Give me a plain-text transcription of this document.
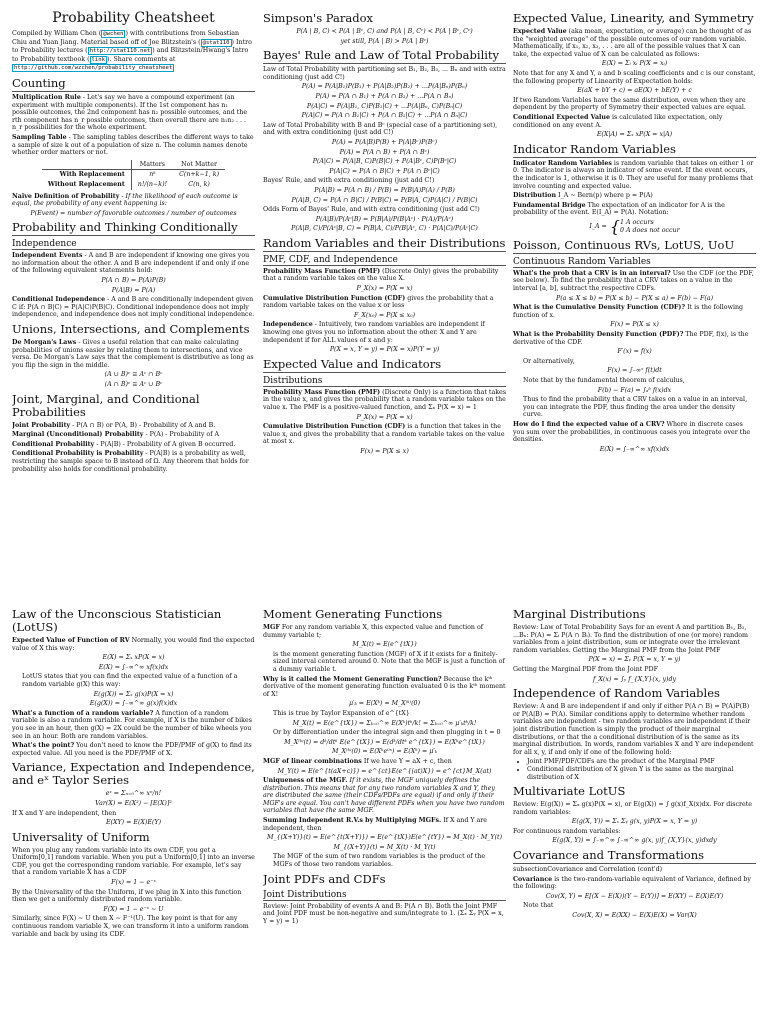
Probability Cheatsheet

Compiled by William Chen ( @wchen ) with contributions from Sebastian Chiu and Yuan Jiang. Material based off of Joe Blitzstein's ( @stat110 ) Intro to Probability lectures ( http://stat110.net ) and Blitzstein/Hwang's Intro to Probability textbook ( link ). Share comments at http://github.com/wzchen/probability_cheatsheet

Counting

Multiplication Rule - Let's say we have a compound experiment (an experiment with multiple components). If the 1st component has n₁ possible outcomes, the 2nd component has n₂ possible outcomes, and the rth component has n_r possible outcomes, then overall there are n₁n₂ . . . n_r possibilities for the whole experiment.

Sampling Table - The sampling tables describes the different ways to take a sample of size k out of a population of size n. The column names denote whether order matters or not.

	Matters	Not Matter
With Replacement	nᵏ	C(n+k−1, k)
Without Replacement	n!/(n−k)!	C(n, k)

Naïve Definition of Probability - If the likelihood of each outcome is equal, the probability of any event happening is:

P(Event) = number of favorable outcomes / number of outcomes
Probability and Thinking Conditionally
Independence

Independent Events - A and B are independent if knowing one gives you no information about the other. A and B are independent if and only if one of the following equivalent statements hold:

P(A ∩ B) = P(A)P(B)
P(A|B) = P(A)

Conditional Independence - A and B are conditionally independent given C if: P(A ∩ B|C) = P(A|C)P(B|C). Conditional independence does not imply independence, and independence does not imply conditional independence.

Unions, Intersections, and Complements

De Morgan's Laws - Gives a useful relation that can make calculating probabilities of unions easier by relating them to intersections, and vice versa. De Morgan's Law says that the complement is distributive as long as you flip the sign in the middle.

(A ∪ B)ᶜ ≡ Aᶜ ∩ Bᶜ
(A ∩ B)ᶜ ≡ Aᶜ ∪ Bᶜ
Joint, Marginal, and Conditional Probabilities

Joint Probability - P(A ∩ B) or P(A, B) - Probability of A and B.

Marginal (Unconditional) Probability - P(A) - Probability of A

Conditional Probability - P(A|B) - Probability of A given B occurred.

Conditional Probability is Probability - P(A|B) is a probability as well, restricting the sample space to B instead of Ω. Any theorem that holds for probability also holds for conditional probability.

Simpson's Paradox
P(A | B, C) < P(A | Bᶜ, C) and P(A | B, Cᶜ) < P(A | Bᶜ, Cᶜ)
yet still, P(A | B) > P(A | Bᶜ)
Bayes' Rule and Law of Total Probability

Law of Total Probability with partitioning set B₁, B₂, B₃, ... Bₙ and with extra conditioning (just add C!)

P(A) = P(A|B₁)P(B₁) + P(A|B₂)P(B₂) + ...P(A|Bₙ)P(Bₙ)
P(A) = P(A ∩ B₁) + P(A ∩ B₂) + ...P(A ∩ Bₙ)
P(A|C) = P(A|B₁, C)P(B₁|C) + ...P(A|Bₙ, C)P(Bₙ|C)
P(A|C) = P(A ∩ B₁|C) + P(A ∩ B₂|C) + ...P(A ∩ Bₙ|C)

Law of Total Probability with B and Bᶜ (special case of a partitioning set), and with extra conditioning (just add C!)

P(A) = P(A|B)P(B) + P(A|Bᶜ)P(Bᶜ)
P(A) = P(A ∩ B) + P(A ∩ Bᶜ)
P(A|C) = P(A|B, C)P(B|C) + P(A|Bᶜ, C)P(Bᶜ|C)
P(A|C) = P(A ∩ B|C) + P(A ∩ Bᶜ|C)

Bayes' Rule, and with extra conditioning (just add C!)

P(A|B) = P(A ∩ B) / P(B) = P(B|A)P(A) / P(B)
P(A|B, C) = P(A ∩ B|C) / P(B|C) = P(B|A, C)P(A|C) / P(B|C)

Odds Form of Bayes' Rule, and with extra conditioning (just add C!)

P(A|B)/P(Aᶜ|B) = P(B|A)/P(B|Aᶜ) · P(A)/P(Aᶜ)
P(A|B, C)/P(Aᶜ|B, C) = P(B|A, C)/P(B|Aᶜ, C) · P(A|C)/P(Aᶜ|C)
Random Variables and their Distributions
PMF, CDF, and Independence

Probability Mass Function (PMF) (Discrete Only) gives the probability that a random variable takes on the value X.

P_X(x) = P(X = x)

Cumulative Distribution Function (CDF) gives the probability that a random variable takes on the value x or less

F_X(x₀) = P(X ≤ x₀)

Independence - Intuitively, two random variables are independent if knowing one gives you no information about the other. X and Y are independent if for ALL values of x and y:

P(X = x, Y = y) = P(X = x)P(Y = y)
Expected Value and Indicators
Distributions

Probability Mass Function (PMF) (Discrete Only) is a function that takes in the value x, and gives the probability that a random variable takes on the value x. The PMF is a positive-valued function, and Σₓ P(X = x) = 1

P_X(x) = P(X = x)

Cumulative Distribution Function (CDF) is a function that takes in the value x, and gives the probability that a random variable takes on the value at most x.

F(x) = P(X ≤ x)
Expected Value, Linearity, and Symmetry

Expected Value (aka mean, expectation, or average) can be thought of as the "weighted average" of the possible outcomes of our random variable. Mathematically, if x₁, x₂, x₃, . . . are all of the possible values that X can take, the expected value of X can be calculated as follows:

E(X) = Σᵢ xᵢ P(X = xᵢ)

Note that for any X and Y, a and b scaling coefficients and c is our constant, the following property of Linearity of Expectation holds:

E(aX + bY + c) = aE(X) + bE(Y) + c

If two Random Variables have the same distribution, even when they are dependent by the property of Symmetry their expected values are equal.

Conditional Expected Value is calculated like expectation, only conditioned on any event A.

E(X|A) = Σₓ xP(X = x|A)
Indicator Random Variables

Indicator Random Variables is random variable that takes on either 1 or 0. The indicator is always an indicator of some event. If the event occurs, the indicator is 1, otherwise it is 0. They are useful for many problems that involve counting and expected value.

Distribution I_A ∼ Bern(p) where p = P(A)

Fundamental Bridge The expectation of an indicator for A is the probability of the event. E(I_A) = P(A). Notation:

I_A = { 1 A occurs
0 A does not occur
Poisson, Continuous RVs, LotUS, UoU
Continuous Random Variables

What's the prob that a CRV is in an interval? Use the CDF (or the PDF, see below). To find the probability that a CRV takes on a value in the interval [a, b], subtract the respective CDFs.

P(a ≤ X ≤ b) = P(X ≤ b) − P(X ≤ a) = F(b) − F(a)

What is the Cumulative Density Function (CDF)? It is the following function of x.

F(x) = P(X ≤ x)

What is the Probability Density Function (PDF)? The PDF, f(x), is the derivative of the CDF.

F′(x) = f(x)

Or alternatively,

F(x) = ∫₋∞ˣ f(t)dt

Note that by the fundamental theorem of calculus,

F(b) − F(a) = ∫ₐᵇ f(x)dx

Thus to find the probability that a CRV takes on a value in an interval, you can integrate the PDF, thus finding the area under the density curve.

How do I find the expected value of a CRV? Where in discrete cases you sum over the probabilities, in continuous cases you integrate over the densities.

E(X) = ∫₋∞^∞ xf(x)dx
Law of the Unconscious Statistician (LotUS)

Expected Value of Function of RV Normally, you would find the expected value of X this way:

E(X) = Σₓ xP(X = x)
E(X) = ∫₋∞^∞ xf(x)dx

LotUS states that you can find the expected value of a function of a random variable g(X) this way:

E(g(X)) = Σₓ g(x)P(X = x)
E(g(X)) = ∫₋∞^∞ g(x)f(x)dx

What's a function of a random variable? A function of a random variable is also a random variable. For example, if X is the number of bikes you see in an hour, then g(X) = 2X could be the number of bike wheels you see in an hour. Both are random variables.

What's the point? You don't need to know the PDF/PMF of g(X) to find its expected value. All you need is the PDF/PMF of X.

Variance, Expectation and Independence, and eˣ Taylor Series
eˣ = Σₙ₌₀^∞ xⁿ/n!
Var(X) = E(X²) − [E(X)]²

If X and Y are independent, then

E(XY) = E(X)E(Y)
Universality of Uniform

When you plug any random variable into its own CDF, you get a Uniform[0,1] random variable. When you put a Uniform[0,1] into an inverse CDF, you get the corresponding random variable. For example, let's say that a random variable X has a CDF

F(x) = 1 − e⁻ˣ

By the Universality of the the Uniform, if we plug in X into this function then we get a uniformly distributed random variable.

F(X) = 1 − e⁻ˣ ∼ U

Similarly, since F(X) ∼ U then X ∼ F⁻¹(U). The key point is that for any continuous random variable X, we can transform it into a uniform random variable and back by using its CDF.

Moment Generating Functions

MGF For any random variable X, this expected value and function of dummy variable t;

M_X(t) = E(e^{tX})

is the moment generating function (MGF) of X if it exists for a finitely-sized interval centered around 0. Note that the MGF is just a function of a dummy variable t.

Why is it called the Moment Generating Function? Because the kᵗʰ derivative of the moment generating function evaluated 0 is the kᵗʰ moment of X!

μ′ₖ = E(Xᵏ) = M_X⁽ᵏ⁾(0)

This is true by Taylor Expansion of e^{tX}

M_X(t) = E(e^{tX}) = Σₖ₌₀^∞ E(Xᵏ)tᵏ/k! = Σₖ₌₀^∞ μ′ₖtᵏ/k!

Or by differentiation under the integral sign and then plugging in t = 0

M_X⁽ᵏ⁾(t) = dᵏ/dtᵏ E(e^{tX}) = E(dᵏ/dtᵏ e^{tX}) = E(Xᵏe^{tX})
M_X⁽ᵏ⁾(0) = E(Xᵏe⁰ˣ) = E(Xᵏ) = μ′ₖ

MGF of linear combinations If we have Y = aX + c, then

M_Y(t) = E(e^{t(aX+c)}) = e^{ct}E(e^{(at)X}) = e^{ct}M_X(at)

Uniqueness of the MGF. If it exists, the MGF uniquely defines the distribution. This means that for any two random variables X and Y, they are distributed the same (their CDFs/PDFs are equal) if and only if their MGF's are equal. You can't have different PDFs when you have two random variables that have the same MGF.

Summing Independent R.V.s by Multiplying MGFs. If X and Y are independent, then

M_{(X+Y)}(t) = E(e^{t(X+Y)}) = E(e^{tX})E(e^{tY}) = M_X(t) · M_Y(t)
M_{(X+Y)}(t) = M_X(t) · M_Y(t)

The MGF of the sum of two random variables is the product of the MGFs of those two random variables.

Joint PDFs and CDFs
Joint Distributions

Review: Joint Probability of events A and B: P(A ∩ B). Both the Joint PMF and Joint PDF must be non-negative and sum/integrate to 1. (Σₓ Σᵧ P(X = x, Y = y) = 1)

Marginal Distributions

Review: Law of Total Probability Says for an event A and partition B₁, B₂, ...Bₙ: P(A) = Σᵢ P(A ∩ Bᵢ). To find the distribution of one (or more) random variables from a joint distribution, sum or integrate over the irrelevant random variables. Getting the Marginal PMF from the Joint PMF

P(X = x) = Σᵧ P(X = x, Y = y)

Getting the Marginal PDF from the Joint PDF

f_X(x) = ∫ᵧ f_{X,Y}(x, y)dy
Independence of Random Variables

Review: A and B are independent if and only if either P(A ∩ B) = P(A)P(B) or P(A|B) = P(A). Similar conditions apply to determine whether random variables are independent - two random variables are independent if their joint distribution function is simply the product of their marginal distributions, or that the a conditional distribution of is the same as its marginal distribution. In words, random variables X and Y are independent for all x, y, if and only if one of the following hold:

• Joint PMF/PDF/CDFs are the product of the Marginal PMF
• Conditional distribution of X given Y is the same as the marginal distribution of X
Multivariate LotUS

Review: E(g(X)) = Σₓ g(x)P(X = x), or E(g(X)) = ∫ g(x)f_X(x)dx. For discrete random variables:

E(g(X, Y)) = Σₓ Σᵧ g(x, y)P(X = x, Y = y)

For continuous random variables:

E(g(X, Y)) = ∫₋∞^∞ ∫₋∞^∞ g(x, y)f_{X,Y}(x, y)dxdy
Covariance and Transformations

subsectionCovariance and Correlation (cont'd)

Covariance is the two-random-variable equivalent of Variance, defined by the following:

Cov(X, Y) = E[(X − E(X))(Y − E(Y))] = E(XY) − E(X)E(Y)

Note that

Cov(X, X) = E(XX) − E(X)E(X) = Var(X)
